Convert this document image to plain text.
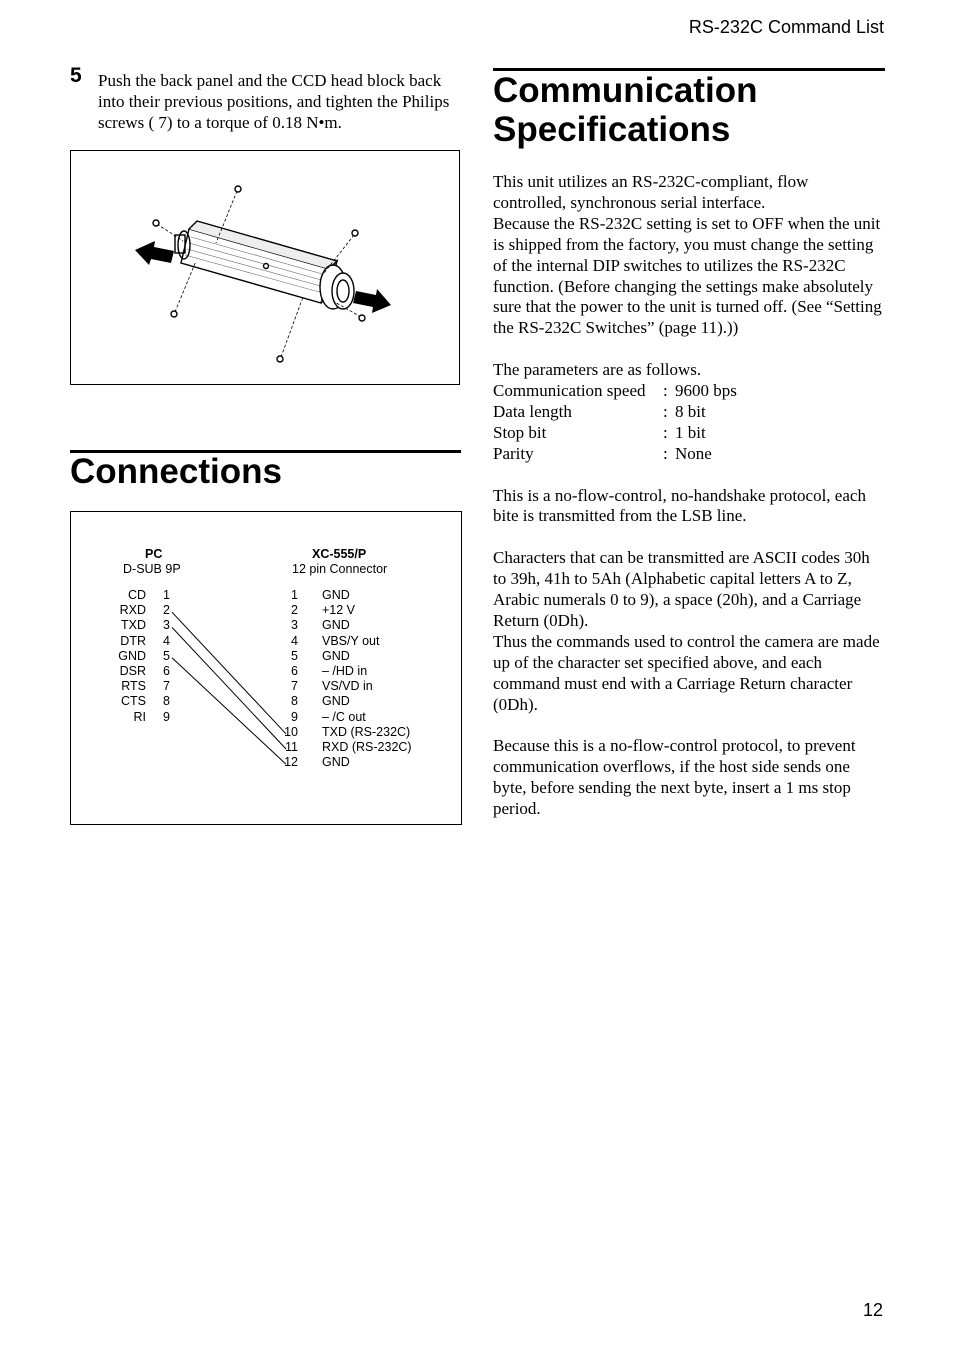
RS-232C Command List
12
5 Push the back panel and the CCD head block back into their previous positions, and tighten the Philips screws ( 7) to a torque of 0.18 N•m.
Connections
PC
D-SUB 9P
XC-555/P
12 pin Connector
CD 1
RXD 2
TXD 3
DTR 4
GND 5
DSR 6
RTS 7
CTS 8
RI 9
1 GND
2 +12 V
3 GND
4 VBS/Y out
5 GND
6 – /HD in
7 VS/VD in
8 GND
9 – /C out
10 TXD (RS-232C)
11 RXD (RS-232C)
12 GND
Communication
Specifications

This unit utilizes an RS-232C-compliant, flow controlled, synchronous serial interface.

Because the RS-232C setting is set to OFF when the unit is shipped from the factory, you must change the setting of the internal DIP switches to utilizes the RS-232C function. (Before changing the settings make absolutely sure that the power to the unit is turned off. (See “Setting the RS-232C Switches” (page 11).))

The parameters are as follows.

Communication speed	: 9600 bps
Data length	: 8 bit
Stop bit	: 1 bit
Parity	: None

This is a no-flow-control, no-handshake protocol, each bite is transmitted from the LSB line.

Characters that can be transmitted are ASCII codes 30h to 39h, 41h to 5Ah (Alphabetic capital letters A to Z, Arabic numerals 0 to 9), a space (20h), and a Carriage Return (0Dh).

Thus the commands used to control the camera are made up of the character set specified above, and each command must end with a Carriage Return character (0Dh).

Because this is a no-flow-control protocol, to prevent communication overflows, if the host side sends one byte, before sending the next byte, insert a 1 ms stop period.
